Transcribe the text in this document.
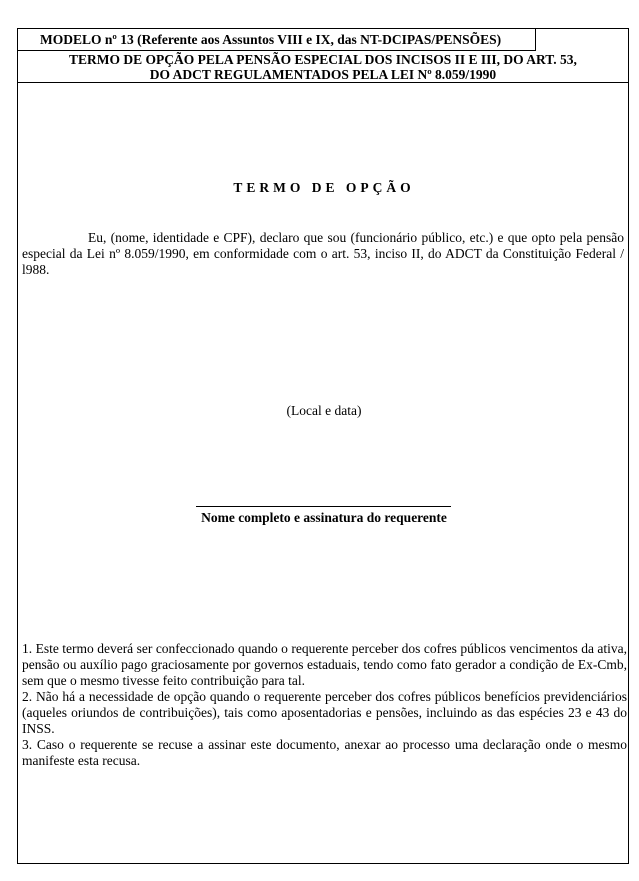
MODELO nº 13 (Referente aos Assuntos VIII e IX, das NT-DCIPAS/PENSÕES)
TERMO DE OPÇÃO PELA PENSÃO ESPECIAL DOS INCISOS II E III, DO ART. 53,
DO ADCT REGULAMENTADOS PELA LEI Nº 8.059/1990
TERMO DE OPÇÃO

Eu, (nome, identidade e CPF), declaro que sou (funcionário público, etc.) e que opto pela pensão especial da Lei nº 8.059/1990, em conformidade com o art. 53, inciso II, do ADCT da Constituição Federal / l988.

(Local e data)
Nome completo e assinatura do requerente

1. Este termo deverá ser confeccionado quando o requerente perceber dos cofres públicos vencimentos da ativa, pensão ou auxílio pago graciosamente por governos estaduais, tendo como fato gerador a condição de Ex-Cmb, sem que o mesmo tivesse feito contribuição para tal.

2. Não há a necessidade de opção quando o requerente perceber dos cofres públicos benefícios previdenciários (aqueles oriundos de contribuições), tais como aposentadorias e pensões, incluindo as das espécies 23 e 43 do INSS.

3. Caso o requerente se recuse a assinar este documento, anexar ao processo uma declaração onde o mesmo manifeste esta recusa.
